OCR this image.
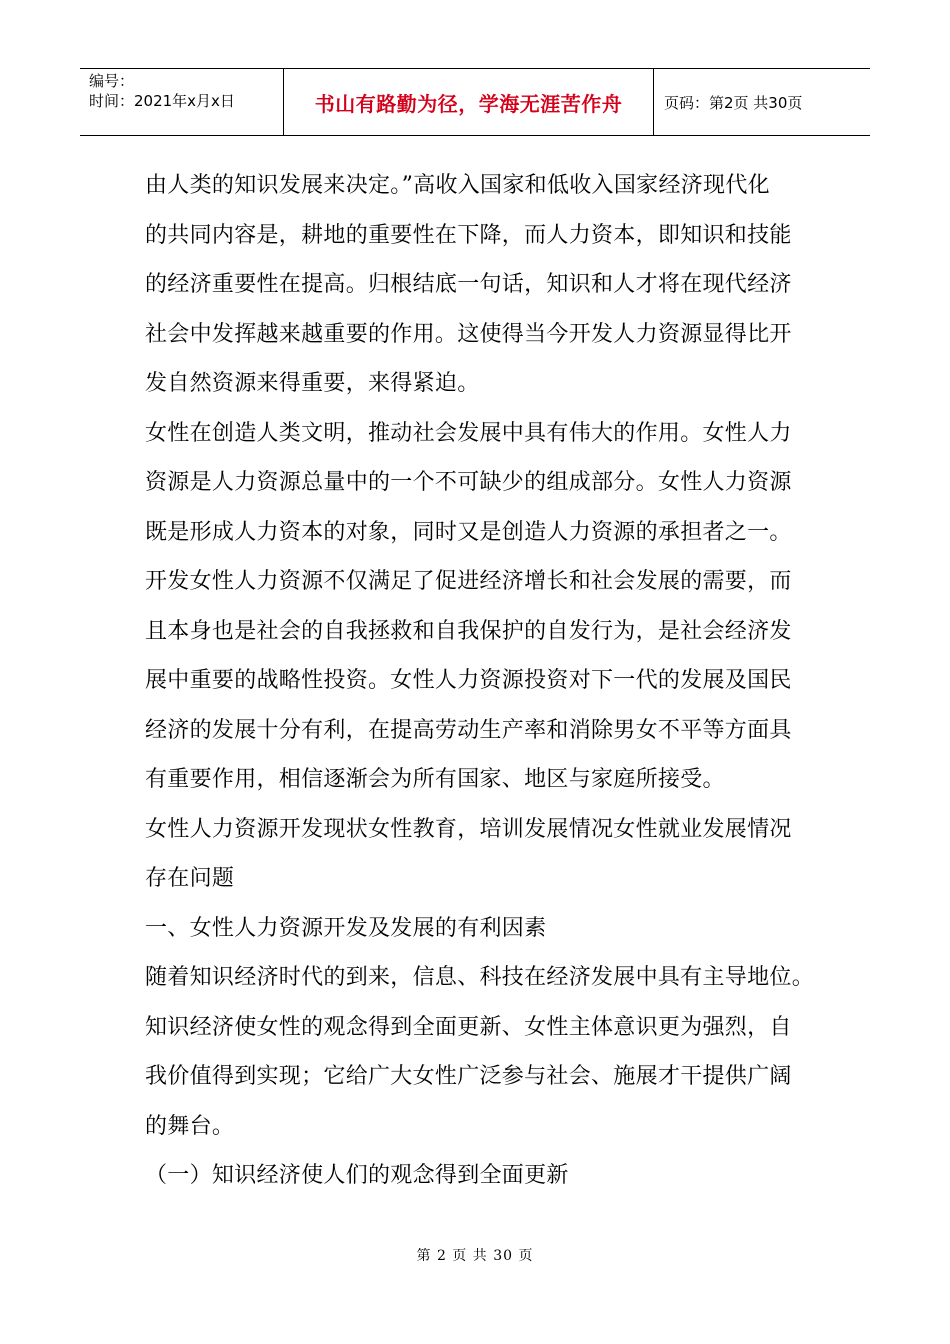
编号：
时间：2021年x月x日	书山有路勤为径，学海无涯苦作舟	页码：第2页 共30页

由人类的知识发展来决定。”高收入国家和低收入国家经济现代化

的共同内容是，耕地的重要性在下降，而人力资本，即知识和技能

的经济重要性在提高。归根结底一句话，知识和人才将在现代经济

社会中发挥越来越重要的作用。这使得当今开发人力资源显得比开

发自然资源来得重要，来得紧迫。

女性在创造人类文明，推动社会发展中具有伟大的作用。女性人力

资源是人力资源总量中的一个不可缺少的组成部分。女性人力资源

既是形成人力资本的对象，同时又是创造人力资源的承担者之一。

开发女性人力资源不仅满足了促进经济增长和社会发展的需要，而

且本身也是社会的自我拯救和自我保护的自发行为，是社会经济发

展中重要的战略性投资。女性人力资源投资对下一代的发展及国民

经济的发展十分有利，在提高劳动生产率和消除男女不平等方面具

有重要作用，相信逐渐会为所有国家、地区与家庭所接受。

女性人力资源开发现状女性教育，培训发展情况女性就业发展情况

存在问题

一、女性人力资源开发及发展的有利因素

随着知识经济时代的到来，信息、科技在经济发展中具有主导地位。

知识经济使女性的观念得到全面更新、女性主体意识更为强烈，自

我价值得到实现；它给广大女性广泛参与社会、施展才干提供广阔

的舞台。

（一）知识经济使人们的观念得到全面更新

第 2 页 共 30 页
